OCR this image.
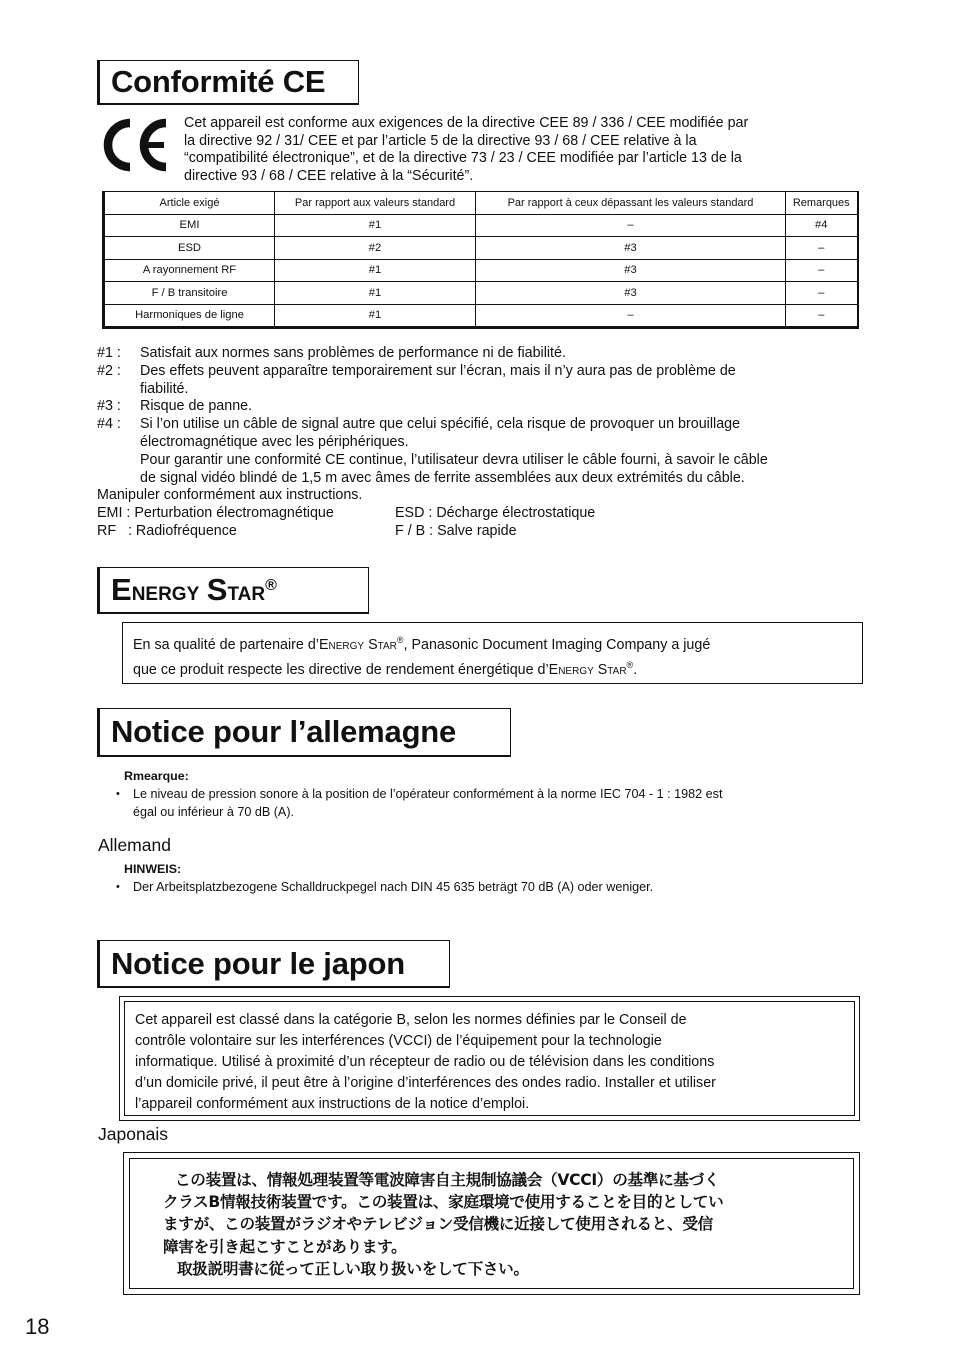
Conformité CE

Cet appareil est conforme aux exigences de la directive CEE 89 / 336 / CEE modifiée par

la directive 92 / 31/ CEE et par l’article 5 de la directive 93 / 68 / CEE relative à la

“compatibilité électronique”, et de la directive 73 / 23 / CEE modifiée par l’article 13 de la

directive 93 / 68 / CEE relative à la “Sécurité”.

Article exigé	Par rapport aux valeurs standard	Par rapport à ceux dépassant les valeurs standard	Remarques
EMI	#1	–	#4
ESD	#2	#3	–
A rayonnement RF	#1	#3	–
F / B transitoire	#1	#3	–
Harmoniques de ligne	#1	–	–
#1 :	Satisfait aux normes sans problèmes de performance ni de fiabilité.

#2 :	Des effets peuvent apparaître temporairement sur l’écran, mais il n’y aura pas de problème de

fiabilité.

#3 :	Risque de panne.

#4 :	Si l’on utilise un câble de signal autre que celui spécifié, cela risque de provoquer un brouillage

électromagnétique avec les périphériques.

Pour garantir une conformité CE continue, l’utilisateur devra utiliser le câble fourni, à savoir le câble

de signal vidéo blindé de 1,5 m avec âmes de ferrite assemblées aux deux extrémités du câble.

Manipuler conformément aux instructions.

EMI : Perturbation électromagnétique	ESD : Décharge électrostatique
RF   : Radiofréquence	F / B : Salve rapide
Energy Star®
En sa qualité de partenaire d’Energy Star®, Panasonic Document Imaging Company a jugé
que ce produit respecte les directive de rendement énergétique d’Energy Star®.
Notice pour l’allemagne
Rmearque:
•	Le niveau de pression sonore à la position de l’opérateur conformément à la norme IEC 704 - 1 : 1982 est

égal ou inférieur à 70 dB (A).

Allemand
HINWEIS:
•	Der Arbeitsplatzbezogene Schalldruckpegel nach DIN 45 635 beträgt 70 dB (A) oder weniger.

Notice pour le japon

Cet appareil est classé dans la catégorie B, selon les normes définies par le Conseil de

contrôle volontaire sur les interférences (VCCI) de l’équipement pour la technologie

informatique. Utilisé à proximité d’un récepteur de radio ou de télévision dans les conditions

d’un domicile privé, il peut être à l’origine d’interférences des ondes radio. Installer et utiliser

l’appareil conformément aux instructions de la notice d’emploi.

Japonais
この装置は、情報処理装置等電波障害自主規制協議会（VCCI）の基準に基づく
クラスB情報技術装置です。この装置は、家庭環境で使用することを目的としてい
ますが、この装置がラジオやテレビジョン受信機に近接して使用されると、受信
障害を引き起こすことがあります。
取扱説明書に従って正しい取り扱いをして下さい。
18
